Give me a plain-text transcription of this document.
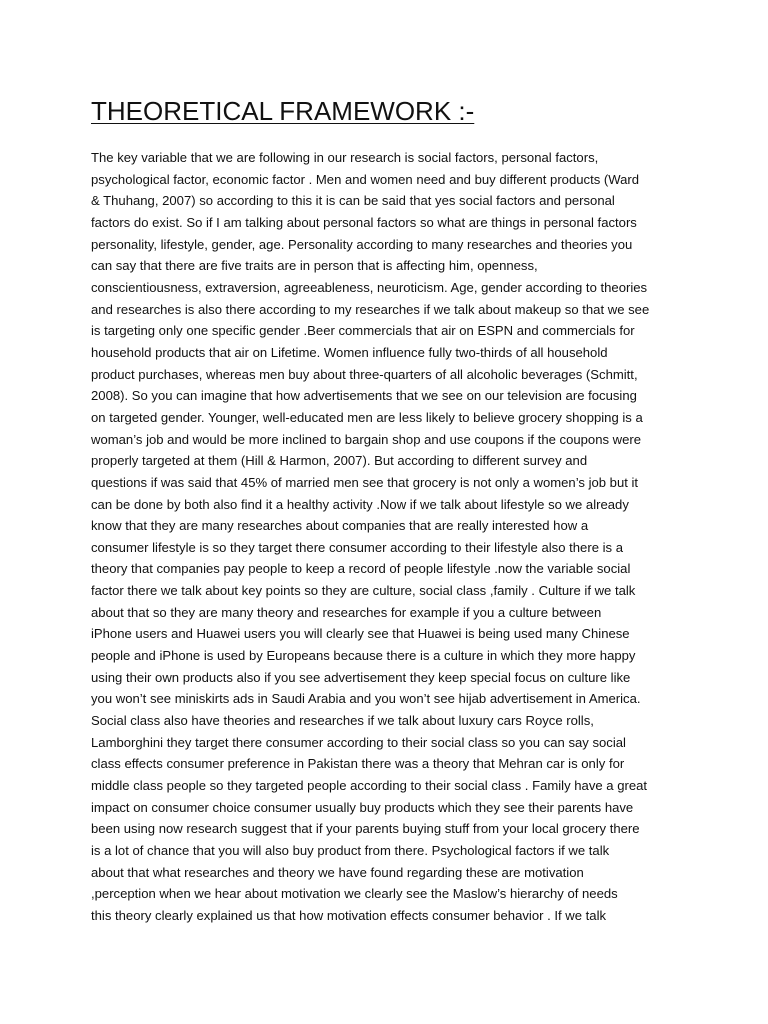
THEORETICAL FRAMEWORK :-
The key variable that we are following in our research is social factors, personal factors,
psychological factor, economic factor . Men and women need and buy different products (Ward
& Thuhang, 2007) so according to this it is can be said that yes social factors and personal
factors do exist. So if I am talking about personal factors so what are things in personal factors
personality, lifestyle, gender, age. Personality according to many researches and theories you
can say that there are five traits are in person that is affecting him, openness,
conscientiousness, extraversion, agreeableness, neuroticism. Age, gender according to theories
and researches is also there according to my researches if we talk about makeup so that we see
is targeting only one specific gender .Beer commercials that air on ESPN and commercials for
household products that air on Lifetime. Women influence fully two-thirds of all household
product purchases, whereas men buy about three-quarters of all alcoholic beverages (Schmitt,
2008). So you can imagine that how advertisements that we see on our television are focusing
on targeted gender. Younger, well-educated men are less likely to believe grocery shopping is a
woman’s job and would be more inclined to bargain shop and use coupons if the coupons were
properly targeted at them (Hill & Harmon, 2007). But according to different survey and
questions if was said that 45% of married men see that grocery is not only a women’s job but it
can be done by both also find it a healthy activity .Now if we talk about lifestyle so we already
know that they are many researches about companies that are really interested how a
consumer lifestyle is so they target there consumer according to their lifestyle also there is a
theory that companies pay people to keep a record of people lifestyle .now the variable social
factor there we talk about key points so they are culture, social class ,family . Culture if we talk
about that so they are many theory and researches for example if you a culture between
iPhone users and Huawei users you will clearly see that Huawei is being used many Chinese
people and iPhone is used by Europeans because there is a culture in which they more happy
using their own products also if you see advertisement they keep special focus on culture like
you won’t see miniskirts ads in Saudi Arabia and you won’t see hijab advertisement in America.
Social class also have theories and researches if we talk about luxury cars Royce rolls,
Lamborghini they target there consumer according to their social class so you can say social
class effects consumer preference in Pakistan there was a theory that Mehran car is only for
middle class people so they targeted people according to their social class . Family have a great
impact on consumer choice consumer usually buy products which they see their parents have
been using now research suggest that if your parents buying stuff from your local grocery there
is a lot of chance that you will also buy product from there. Psychological factors if we talk
about that what researches and theory we have found regarding these are motivation
,perception when we hear about motivation we clearly see the Maslow’s hierarchy of needs
this theory clearly explained us that how motivation effects consumer behavior . If we talk
